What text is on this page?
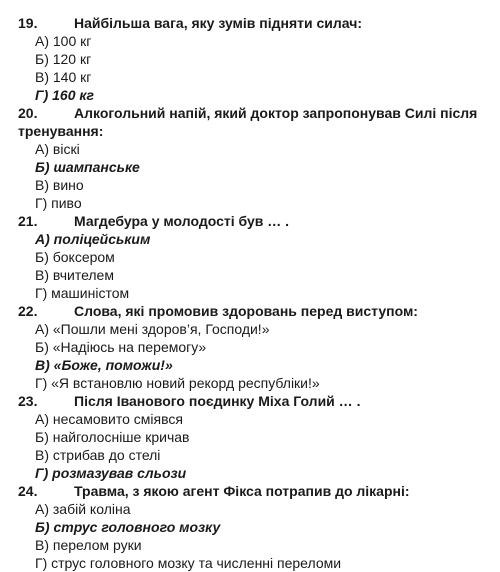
19.	Найбільша вага, яку зумів підняти силач:
А) 100 кг
Б) 120 кг
В) 140 кг
Г) 160 кг
20.	Алкогольний напій, який доктор запропонував Силі після тренування:
А) віскі
Б) шампанське
В) вино
Г) пиво
21.	Магдебура у молодості був … .
А) поліцейським
Б) боксером
В) вчителем
Г) машиністом
22.	Слова, які промовив здоровань перед виступом:
А) «Пошли мені здоров’я, Господи!»
Б) «Надіюсь на перемогу»
В) «Боже, поможи!»
Г) «Я встановлю новий рекорд республіки!»
23.	Після Іванового поєдинку Міха Голий … .
А) несамовито сміявся
Б) найголосніше кричав
В) стрибав до стелі
Г) розмазував сльози
24.	Травма, з якою агент Фікса потрапив до лікарні:
А) забій коліна
Б) струс головного мозку
В) перелом руки
Г) струс головного мозку та численні переломи
